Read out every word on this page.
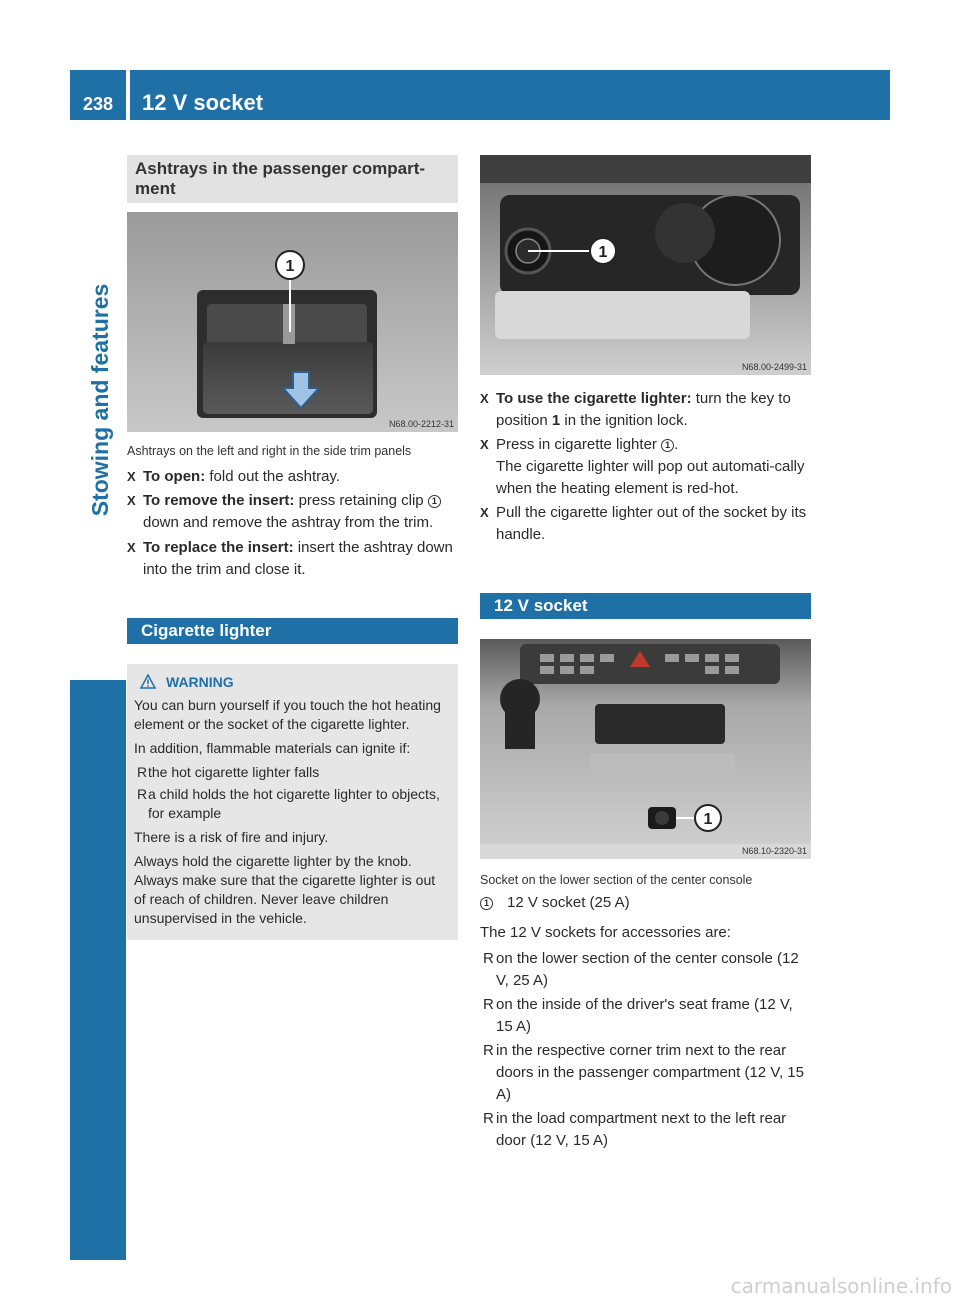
238	12 V socket
Stowing and features
Ashtrays in the passenger compart-ment
1
N68.00-2212-31
Ashtrays on the left and right in the side trim panels
X To open: fold out the ashtray.
X To remove the insert: press retaining clip 1 down and remove the ashtray from the trim.
X To replace the insert: insert the ashtray down into the trim and close it.
Cigarette lighter
WARNING
You can burn yourself if you touch the hot heating element or the socket of the cigarette lighter.
In addition, flammable materials can ignite if:
R the hot cigarette lighter falls
R a child holds the hot cigarette lighter to objects, for example
There is a risk of fire and injury.
Always hold the cigarette lighter by the knob. Always make sure that the cigarette lighter is out of reach of children. Never leave children unsupervised in the vehicle.
1
N68.00-2499-31
X To use the cigarette lighter: turn the key to position 1 in the ignition lock.
X Press in cigarette lighter 1 .
The cigarette lighter will pop out automati-cally when the heating element is red-hot.
X Pull the cigarette lighter out of the socket by its handle.
12 V socket
1
N68.10-2320-31
Socket on the lower section of the center console
1 12 V socket (25 A)
The 12 V sockets for accessories are:
R on the lower section of the center console (12 V, 25 A)
R on the inside of the driver's seat frame (12 V, 15 A)
R in the respective corner trim next to the rear doors in the passenger compartment (12 V, 15 A)
R in the load compartment next to the left rear door (12 V, 15 A)
carmanualsonline.info
